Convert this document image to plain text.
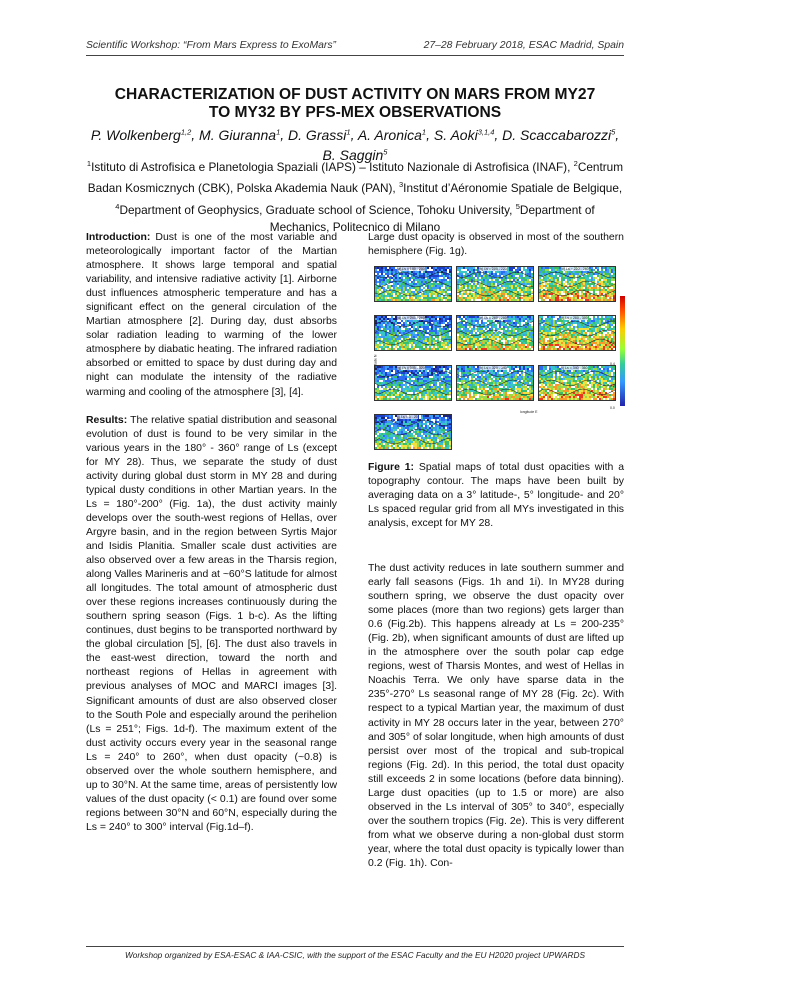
Scientific Workshop: “From Mars Express to ExoMars”	27–28 February 2018, ESAC Madrid, Spain
CHARACTERIZATION OF DUST ACTIVITY ON MARS FROM MY27
TO MY32 BY PFS-MEX OBSERVATIONS
P. Wolkenberg$^{1,2}$, M. Giuranna$^1$, D. Grassi$^1$, A. Aronica$^1$, S. Aoki$^{3,1,4}$, D. Scaccabarozzi$^5$, B. Saggin$^5$
$^1$Istituto di Astrofisica e Planetologia Spaziali (IAPS) – Istituto Nazionale di Astrofisica (INAF), $^2$Centrum Badan Kosmicznych (CBK), Polska Akademia Nauk (PAN), $^3$Institut d’Aéronomie Spatiale de Belgique, $^4$Department of Geophysics, Graduate school of Science, Tohoku University, $^5$Department of Mechanics, Politecnico di Milano

Introduction: Dust is one of the most variable and meteorologically important factor of the Martian atmosphere. It shows large temporal and spatial variability, and intensive radiative activity [1]. Airborne dust influences atmospheric temperature and has a significant effect on the general circulation of the Martian atmosphere [2]. During day, dust absorbs solar radiation leading to warming of the lower atmosphere by diabatic heating. The infrared radiation absorbed or emitted to space by dust during day and night can modulate the intensity of the radiative warming and cooling of the atmosphere [3], [4].

Results: The relative spatial distribution and seasonal evolution of dust is found to be very similar in the various years in the 180° - 360° range of Ls (except for MY 28). Thus, we separate the study of dust activity during global dust storm in MY 28 and during typical dusty conditions in other Martian years. In the Ls = 180°-200° (Fig. 1a), the dust activity mainly develops over the south-west regions of Hellas, over Argyre basin, and in the region between Syrtis Major and Isidis Planitia. Smaller scale dust activities are also observed over a few areas in the Tharsis region, along Valles Marineris and at ~60°S latitude for almost all longitudes. The total amount of atmospheric dust over these regions increases continuously during the southern spring season (Figs. 1 b-c). As the lifting continues, dust begins to be transported northward by the global circulation [5], [6]. The dust also travels in the east-west direction, toward the north and northeast regions of Hellas in agreement with previous analyses of MOC and MARCI images [3]. Significant amounts of dust are also observed closer to the South Pole and especially around the perihelion (Ls = 251°; Figs. 1d-f). The maximum extent of the dust activity occurs every year in the seasonal range Ls = 240° to 260°, when dust opacity (~0.8) is observed over the whole southern hemisphere, and up to 30°N. At the same time, areas of persistently low values of the dust opacity (< 0.1) are found over some regions between 30°N and 60°N, especially during the Ls = 240° to 300° interval (Fig.1d–f).

Large dust opacity is observed in most of the southern hemisphere (Fig. 1g).

(a) Ls = 180 - 200	(b) Ls = 200 - 220	(c) Ls = 220 - 240
(d) Ls = 240 - 260	(e) Ls = 260 - 280	(f) Ls = 280 - 300
(g) Ls = 300 - 320	(h) Ls = 320 - 340	(i) Ls = 340 - 360
(j) Ls = 0 - 20
1.0
0.8
0.6
0.4
0.2
0.0
latitude N
longitude E
Figure 1: Spatial maps of total dust opacities with a topography contour. The maps have been built by averaging data on a 3° latitude-, 5° longitude- and 20° Ls spaced regular grid from all MYs investigated in this analysis, except for MY 28.

The dust activity reduces in late southern summer and early fall seasons (Figs. 1h and 1i). In MY28 during southern spring, we observe the dust opacity over some places (more than two regions) gets larger than 0.6 (Fig.2b). This happens already at Ls = 200-235° (Fig. 2b), when significant amounts of dust are lifted up in the atmosphere over the south polar cap edge regions, west of Tharsis Montes, and west of Hellas in Noachis Terra. We only have sparse data in the 235°-270° Ls seasonal range of MY 28 (Fig. 2c). With respect to a typical Martian year, the maximum of dust activity in MY 28 occurs later in the year, between 270° and 305° of solar longitude, when high amounts of dust persist over most of the tropical and sub-tropical regions (Fig. 2d). In this period, the total dust opacity still exceeds 2 in some locations (before data binning). Large dust opacities (up to 1.5 or more) are also observed in the Ls interval of 305° to 340°, especially over the southern tropics (Fig. 2e). This is very different from what we observe during a non-global dust storm year, where the total dust opacity is typically lower than 0.2 (Fig. 1h). Con-

Workshop organized by ESA-ESAC & IAA-CSIC, with the support of the ESAC Faculty and the EU H2020 project UPWARDS
